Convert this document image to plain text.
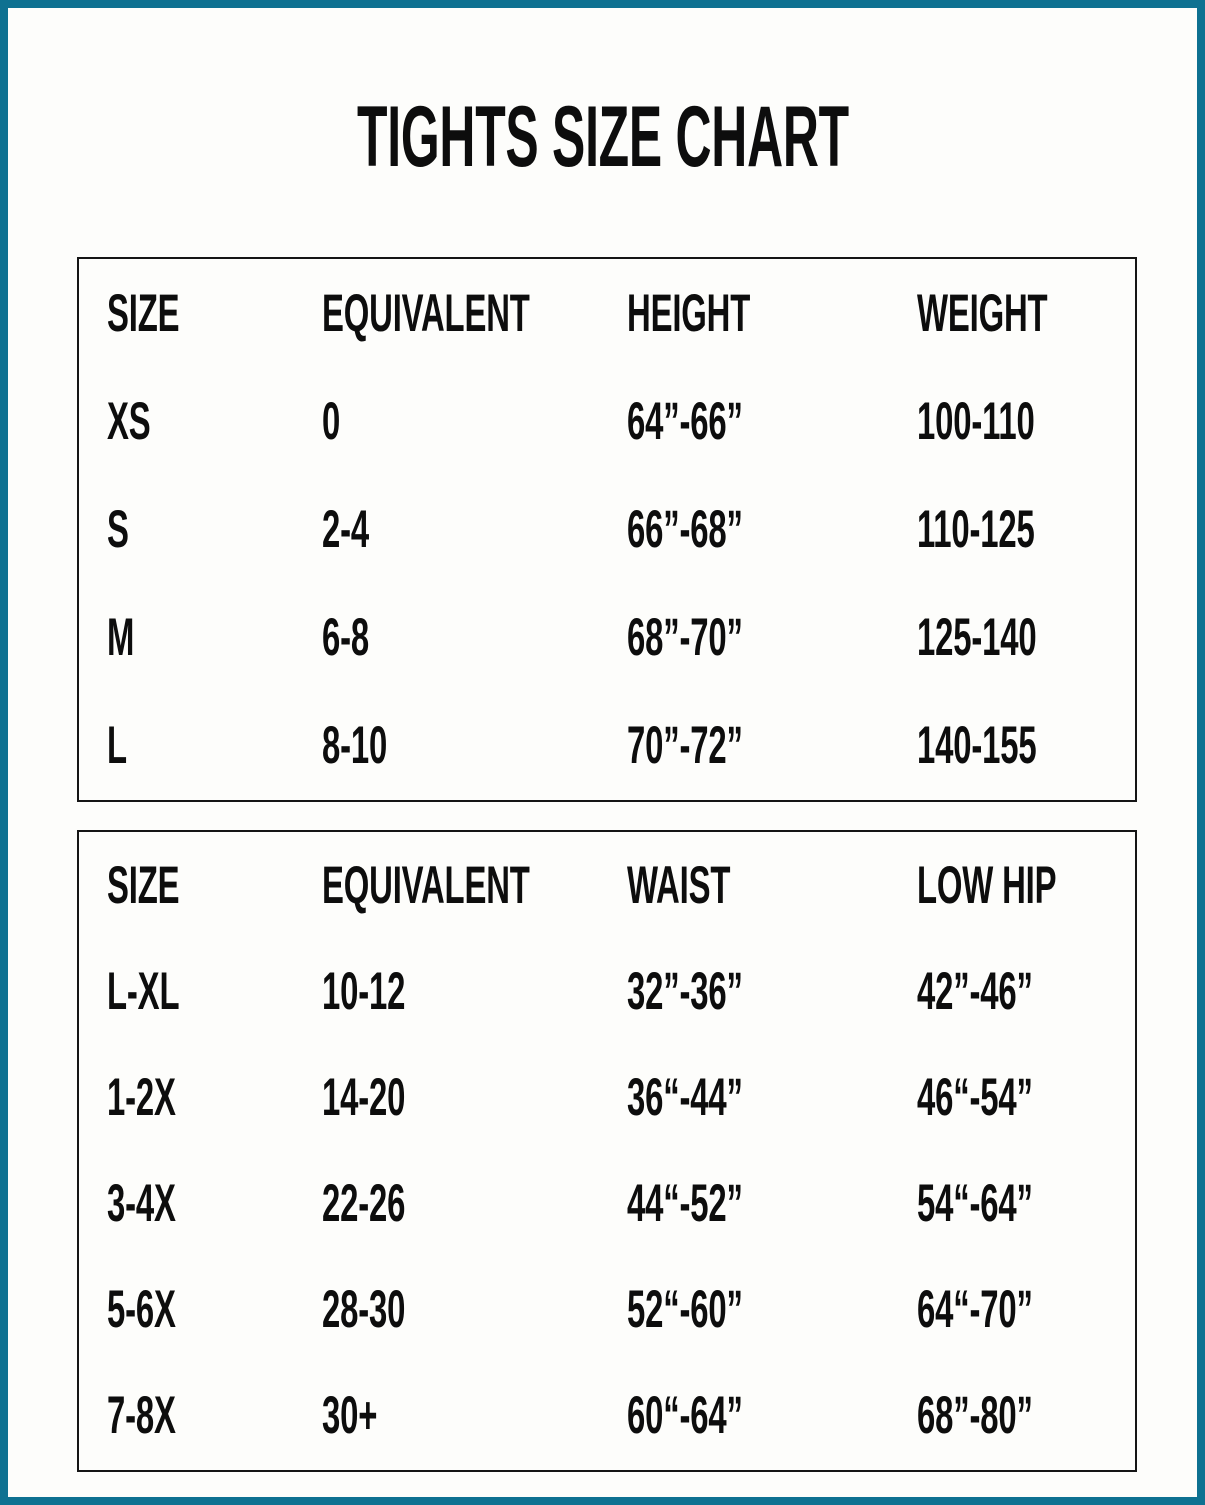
TIGHTS SIZE CHART
SIZE	EQUIVALENT	HEIGHT	WEIGHT
XS	0	64”-66”	100-110
S	2-4	66”-68”	110-125
M	6-8	68”-70”	125-140
L	8-10	70”-72”	140-155
SIZE	EQUIVALENT	WAIST	LOW HIP
L-XL	10-12	32”-36”	42”-46”
1-2X	14-20	36“-44”	46“-54”
3-4X	22-26	44“-52”	54“-64”
5-6X	28-30	52“-60”	64“-70”
7-8X	30+	60“-64”	68”-80”
